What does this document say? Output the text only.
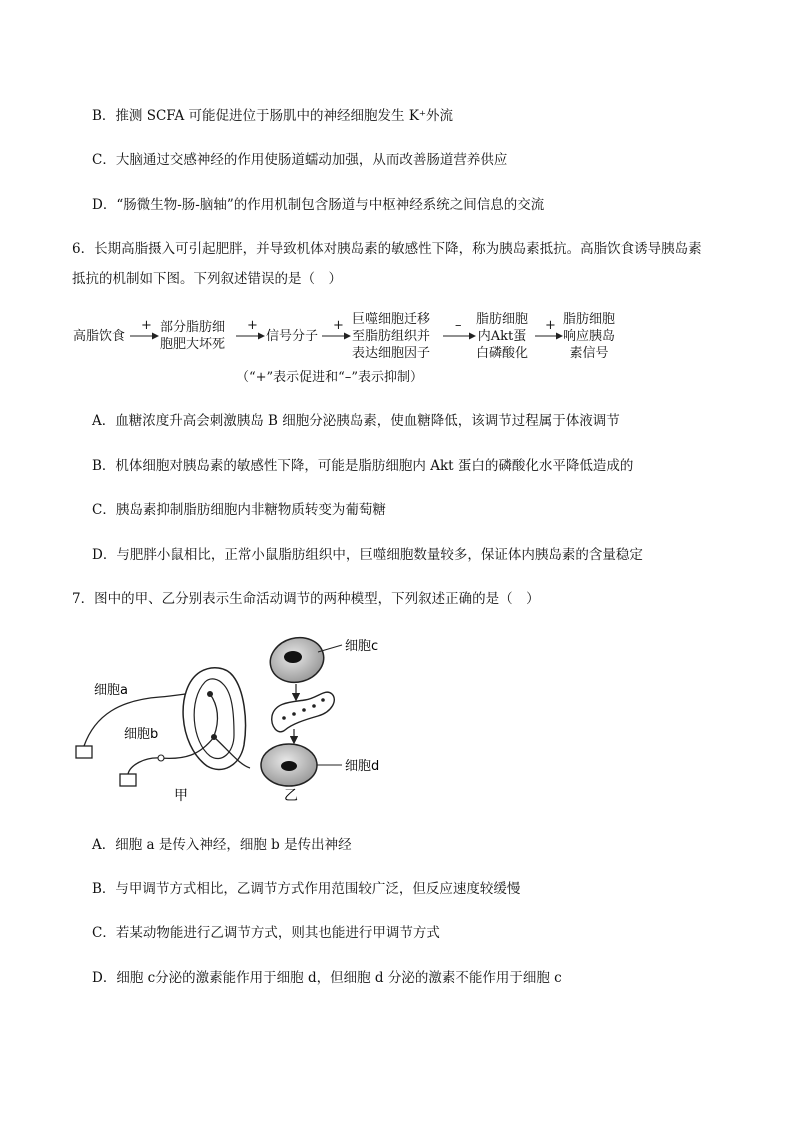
B．推测 SCFA 可能促进位于肠肌中的神经细胞发生 K⁺外流
C．大脑通过交感神经的作用使肠道蠕动加强，从而改善肠道营养供应
D．“肠微生物-肠-脑轴”的作用机制包含肠道与中枢神经系统之间信息的交流
6．长期高脂摄入可引起肥胖，并导致机体对胰岛素的敏感性下降，称为胰岛素抵抗。高脂饮食诱导胰岛素
抵抗的机制如下图。下列叙述错误的是（　）
高脂饮食
部分脂肪细
胞肥大坏死
信号分子
巨噬细胞迁移
至脂肪组织并
表达细胞因子
脂肪细胞
内Akt蛋
白磷酸化
脂肪细胞
响应胰岛
素信号
+	+	+	–	+
（“+”表示促进和“–”表示抑制）
A．血糖浓度升高会刺激胰岛 B 细胞分泌胰岛素，使血糖降低，该调节过程属于体液调节
B．机体细胞对胰岛素的敏感性下降，可能是脂肪细胞内 Akt 蛋白的磷酸化水平降低造成的
C．胰岛素抑制脂肪细胞内非糖物质转变为葡萄糖
D．与肥胖小鼠相比，正常小鼠脂肪组织中，巨噬细胞数量较多，保证体内胰岛素的含量稳定
7．图中的甲、乙分别表示生命活动调节的两种模型，下列叙述正确的是（　）
细胞a
细胞b
甲
细胞c
细胞d
乙
A．细胞 a 是传入神经，细胞 b 是传出神经
B．与甲调节方式相比，乙调节方式作用范围较广泛，但反应速度较缓慢
C．若某动物能进行乙调节方式，则其也能进行甲调节方式
D．细胞 c分泌的激素能作用于细胞 d，但细胞 d 分泌的激素不能作用于细胞 c
